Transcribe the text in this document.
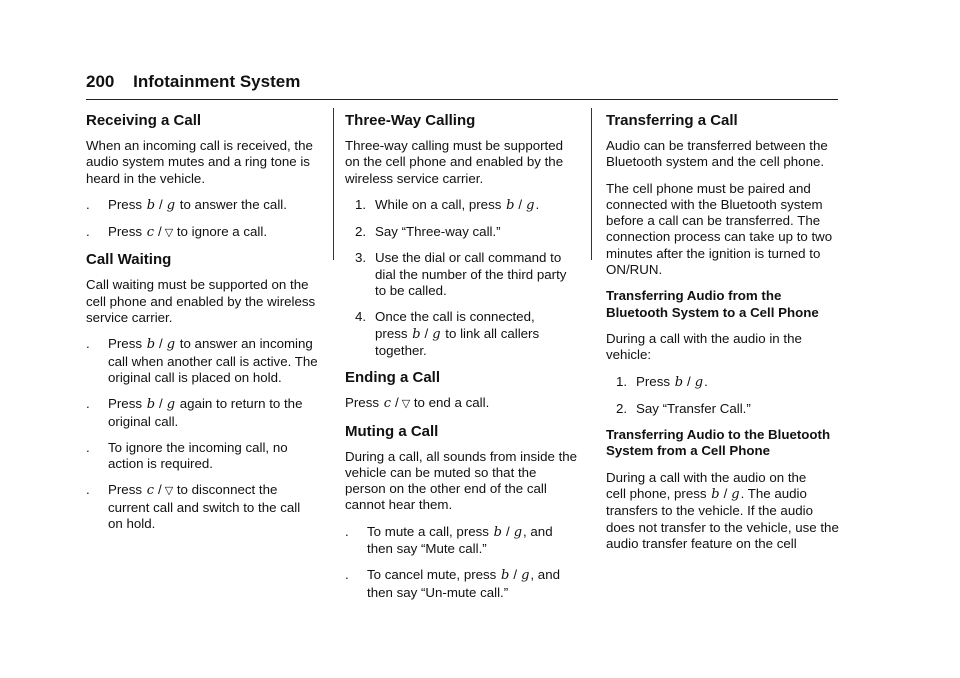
200 Infotainment System
Receiving a Call

When an incoming call is received, the audio system mutes and a ring tone is heard in the vehicle.

.	Press b / g to answer the call.
.	Press c / ▽ to ignore a call.
Call Waiting

Call waiting must be supported on the cell phone and enabled by the wireless service carrier.

.	Press b / g to answer an incoming call when another call is active. The original call is placed on hold.
.	Press b / g again to return to the original call.
.	To ignore the incoming call, no action is required.
.	Press c / ▽ to disconnect the current call and switch to the call on hold.
Three-Way Calling

Three-way calling must be supported on the cell phone and enabled by the wireless service carrier.

1. While on a call, press b / g.
2. Say “Three-way call.”
3. Use the dial or call command to dial the number of the third party to be called.
4. Once the call is connected,
press b / g to link all callers together.
Ending a Call

Press c / ▽ to end a call.

Muting a Call

During a call, all sounds from inside the vehicle can be muted so that the person on the other end of the call cannot hear them.

.	To mute a call, press b / g, and then say “Mute call.”
.	To cancel mute, press b / g, and then say “Un-mute call.”
Transferring a Call

Audio can be transferred between the Bluetooth system and the cell phone.

The cell phone must be paired and connected with the Bluetooth system before a call can be transferred. The connection process can take up to two minutes after the ignition is turned to ON/RUN.

Transferring Audio from the Bluetooth System to a Cell Phone

During a call with the audio in the vehicle:

1. Press b / g.
2. Say “Transfer Call.”
Transferring Audio to the Bluetooth System from a Cell Phone

During a call with the audio on the
cell phone, press b / g. The audio transfers to the vehicle. If the audio does not transfer to the vehicle, use the audio transfer feature on the cell
